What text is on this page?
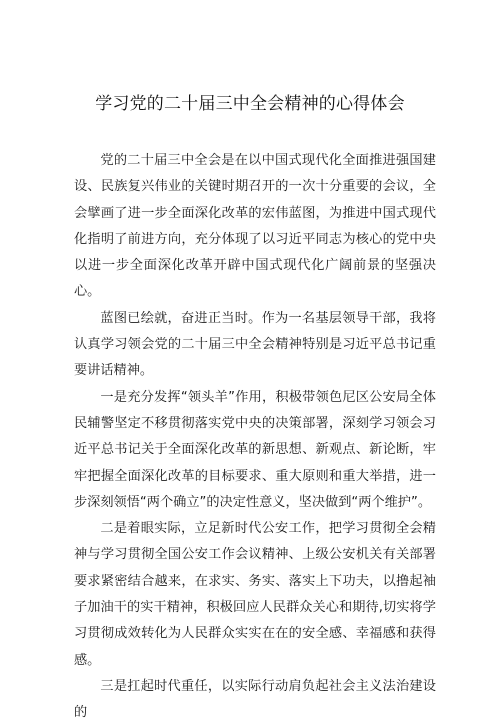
学习党的二十届三中全会精神的心得体会

党的二十届三中全会是在以中国式现代化全面推进强国建设、民族复兴伟业的关键时期召开的一次十分重要的会议，全会擘画了进一步全面深化改革的宏伟蓝图，为推进中国式现代化指明了前进方向，充分体现了以习近平同志为核心的党中央以进一步全面深化改革开辟中国式现代化广阔前景的坚强决心。

蓝图已绘就，奋进正当时。作为一名基层领导干部，我将认真学习领会党的二十届三中全会精神特别是习近平总书记重要讲话精神。

一是充分发挥“领头羊”作用，积极带领色尼区公安局全体民辅警坚定不移贯彻落实党中央的决策部署，深刻学习领会习近平总书记关于全面深化改革的新思想、新观点、新论断，牢牢把握全面深化改革的目标要求、重大原则和重大举措，进一步深刻领悟“两个确立”的决定性意义，坚决做到“两个维护”。

二是着眼实际，立足新时代公安工作，把学习贯彻全会精神与学习贯彻全国公安工作会议精神、上级公安机关有关部署要求紧密结合越来，在求实、务实、落实上下功夫，以撸起袖子加油干的实干精神，积极回应人民群众关心和期待,切实将学习贯彻成效转化为人民群众实实在在的安全感、幸福感和获得感。

三是扛起时代重任，以实际行动肩负起社会主义法治建设的
